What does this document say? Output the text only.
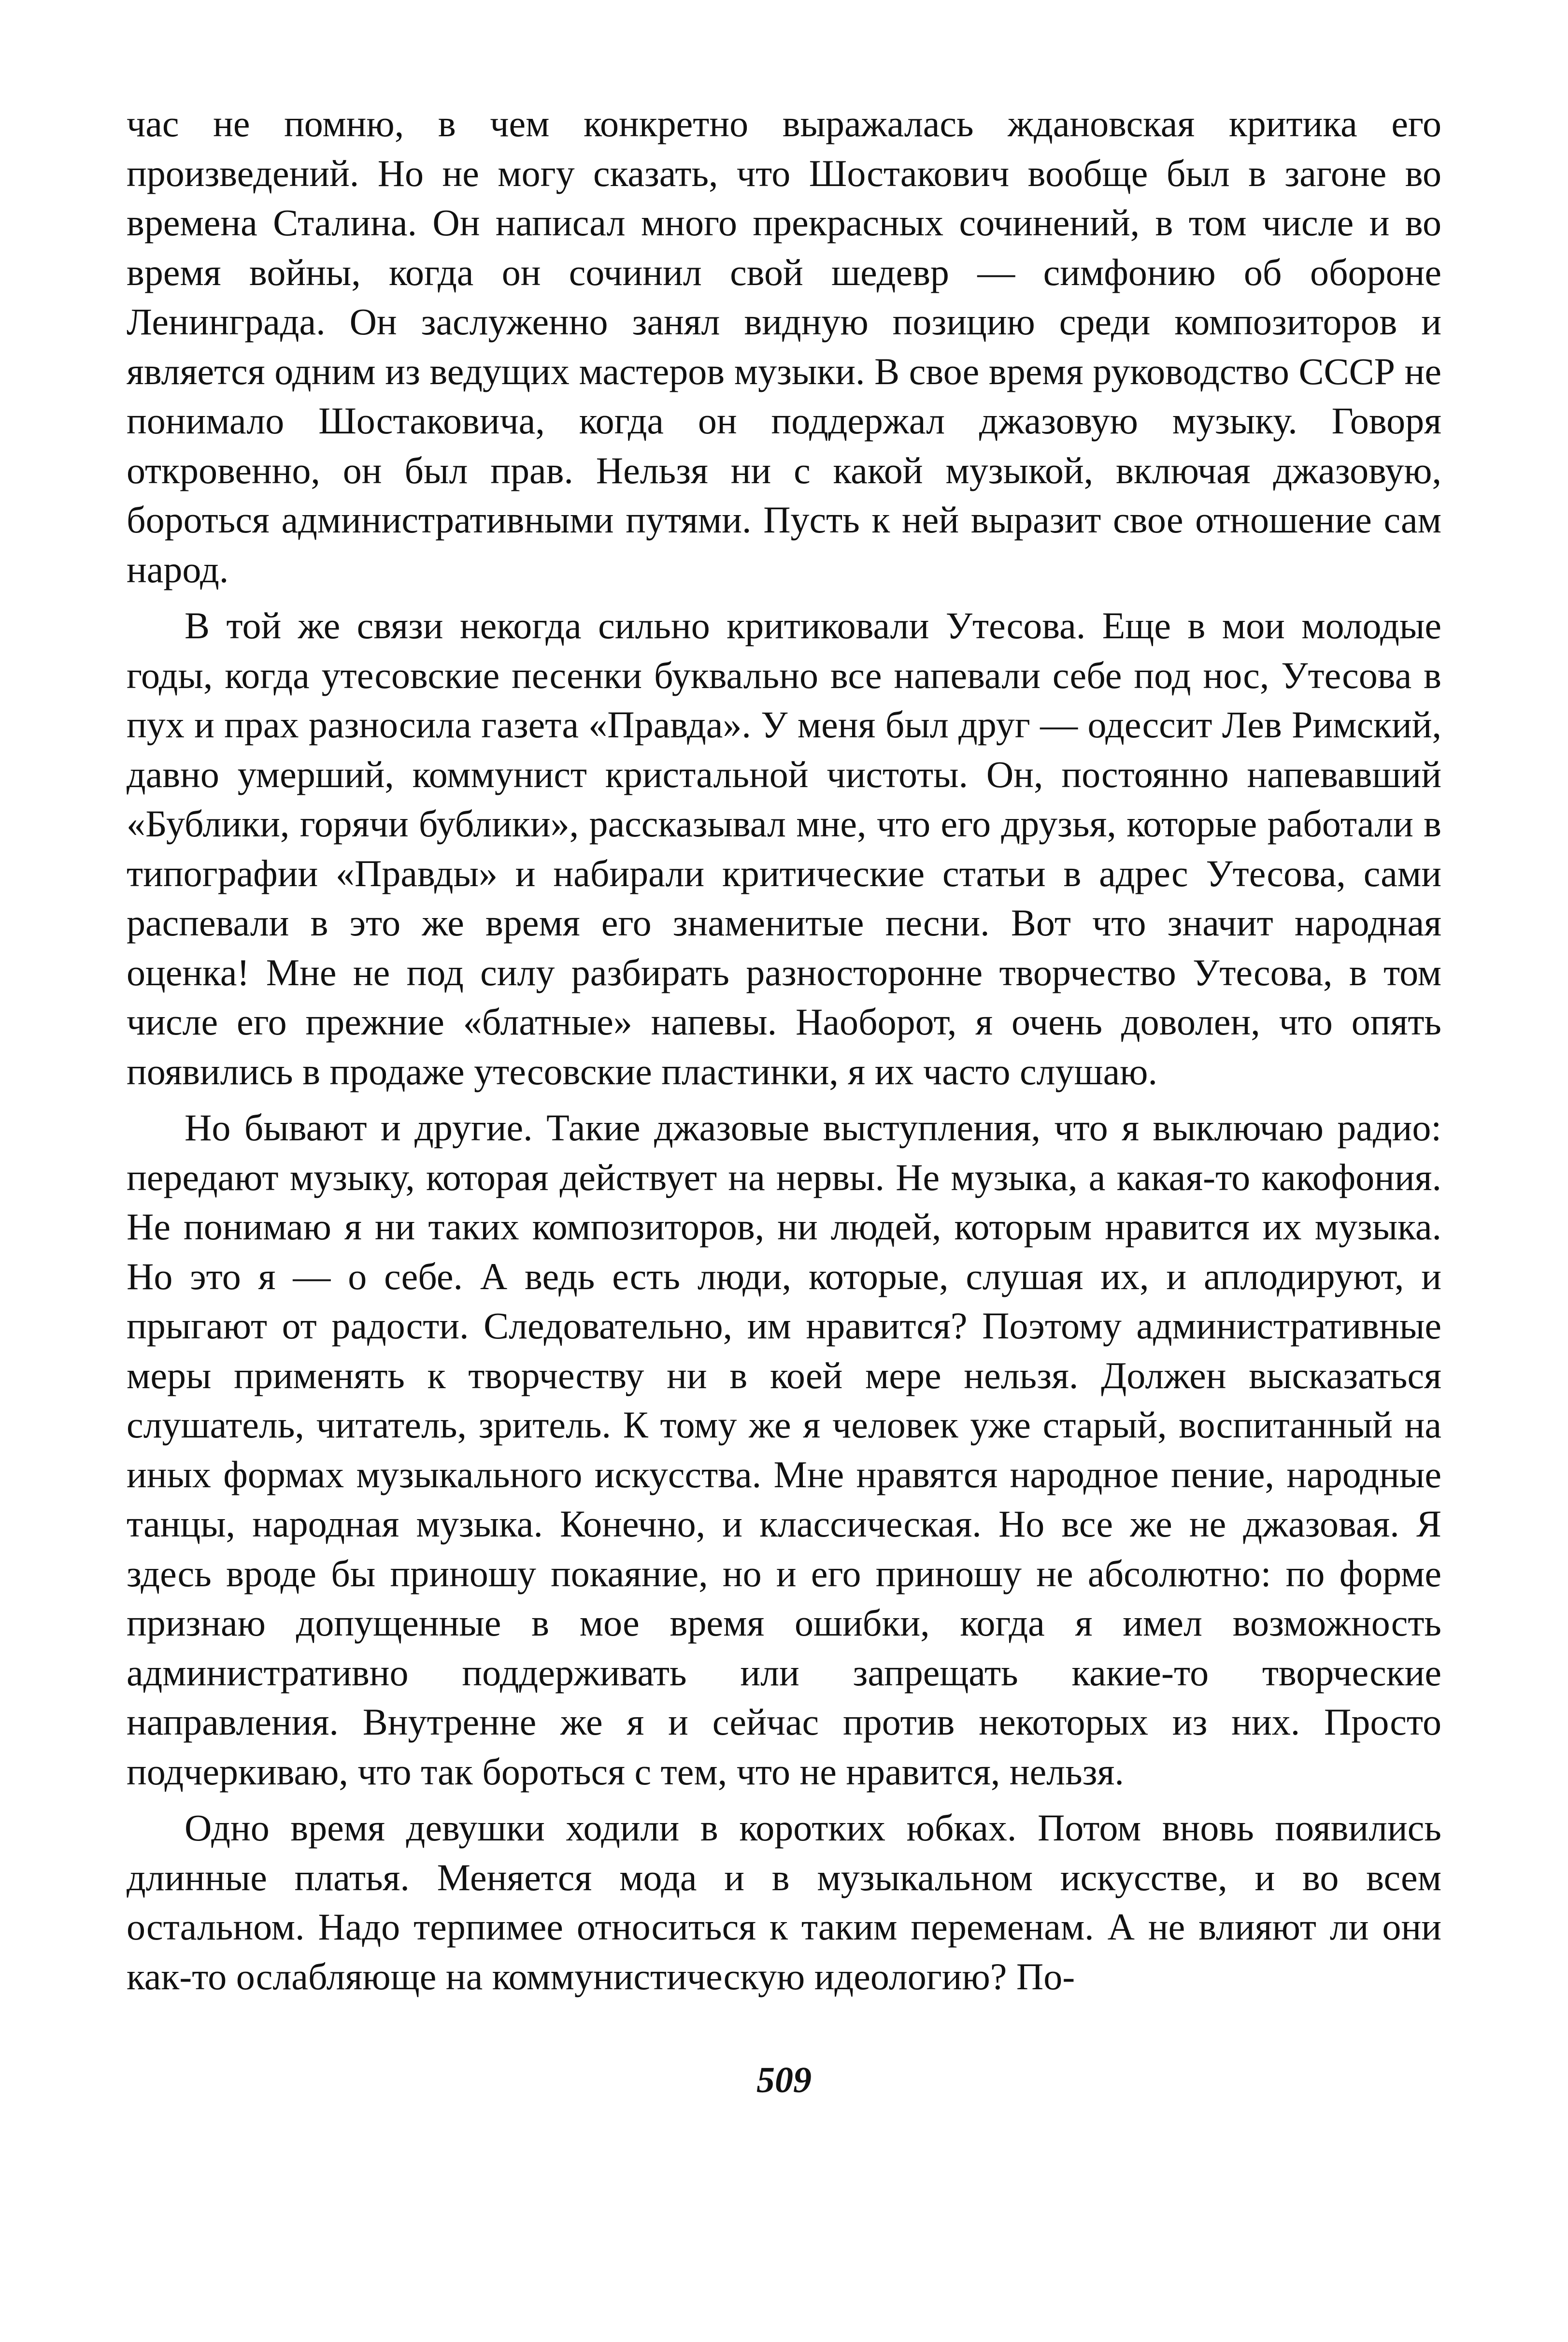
час не помню, в чем конкретно выражалась ждановская критика его произведений. Но не могу сказать, что Шостакович вообще был в загоне во времена Сталина. Он написал много прекрасных сочинений, в том числе и во время войны, когда он сочинил свой шедевр — симфонию об обороне Ленинграда. Он заслуженно занял видную позицию среди композиторов и является одним из ведущих мастеров музыки. В свое время руководство СССР не понимало Шостаковича, когда он поддержал джазовую музыку. Говоря откровенно, он был прав. Нельзя ни с какой музыкой, включая джазовую, бороться административными путями. Пусть к ней выразит свое отношение сам народ.

В той же связи некогда сильно критиковали Утесова. Еще в мои молодые годы, когда утесовские песенки буквально все напевали себе под нос, Утесова в пух и прах разносила газета «Правда». У меня был друг — одессит Лев Римский, давно умерший, коммунист кристальной чистоты. Он, постоянно напевавший «Бублики, горячи бублики», рассказывал мне, что его друзья, которые работали в типографии «Правды» и набирали критические статьи в адрес Утесова, сами распевали в это же время его знаменитые песни. Вот что значит народная оценка! Мне не под силу разбирать разносторонне творчество Утесова, в том числе его прежние «блатные» напевы. Наоборот, я очень доволен, что опять появились в продаже утесовские пластинки, я их часто слушаю.

Но бывают и другие. Такие джазовые выступления, что я выключаю радио: передают музыку, которая действует на нервы. Не музыка, а какая-то какофония. Не понимаю я ни таких композиторов, ни людей, которым нравится их музыка. Но это я — о себе. А ведь есть люди, которые, слушая их, и аплодируют, и прыгают от радости. Следовательно, им нравится? Поэтому административные меры применять к творчеству ни в коей мере нельзя. Должен высказаться слушатель, читатель, зритель. К тому же я человек уже старый, воспитанный на иных формах музыкального искусства. Мне нравятся народное пение, народные танцы, народная музыка. Конечно, и классическая. Но все же не джазовая. Я здесь вроде бы приношу покаяние, но и его приношу не абсолютно: по форме признаю допущенные в мое время ошибки, когда я имел возможность административно поддерживать или запрещать какие-то творческие направления. Внутренне же я и сейчас против некоторых из них. Просто подчеркиваю, что так бороться с тем, что не нравится, нельзя.

Одно время девушки ходили в коротких юбках. Потом вновь появились длинные платья. Меняется мода и в музыкальном искусстве, и во всем остальном. Надо терпимее относиться к таким переменам. А не влияют ли они как-то ослабляюще на коммунистическую идеологию? По-

509
